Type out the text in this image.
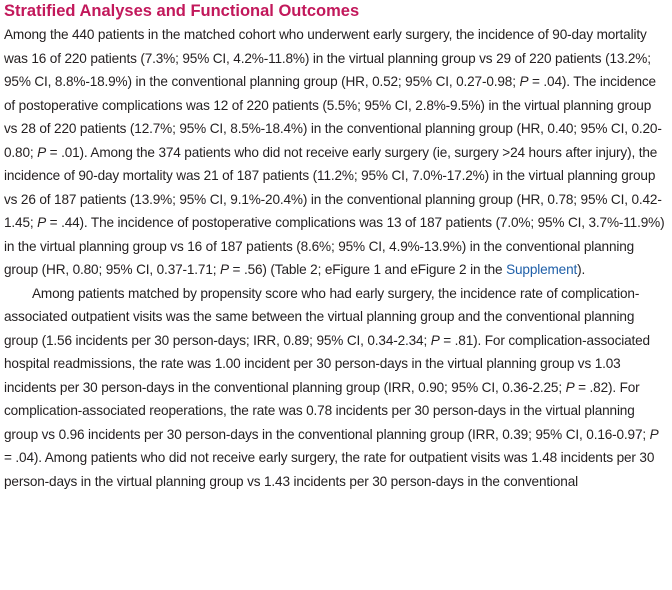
Stratified Analyses and Functional Outcomes

Among the 440 patients in the matched cohort who underwent early surgery, the incidence of 90-day mortality was 16 of 220 patients (7.3%; 95% CI, 4.2%-11.8%) in the virtual planning group vs 29 of 220 patients (13.2%; 95% CI, 8.8%-18.9%) in the conventional planning group (HR, 0.52; 95% CI, 0.27-0.98; P = .04). The incidence of postoperative complications was 12 of 220 patients (5.5%; 95% CI, 2.8%-9.5%) in the virtual planning group vs 28 of 220 patients (12.7%; 95% CI, 8.5%-18.4%) in the conventional planning group (HR, 0.40; 95% CI, 0.20-0.80; P = .01). Among the 374 patients who did not receive early surgery (ie, surgery >24 hours after injury), the incidence of 90-day mortality was 21 of 187 patients (11.2%; 95% CI, 7.0%-17.2%) in the virtual planning group vs 26 of 187 patients (13.9%; 95% CI, 9.1%-20.4%) in the conventional planning group (HR, 0.78; 95% CI, 0.42-1.45; P = .44). The incidence of postoperative complications was 13 of 187 patients (7.0%; 95% CI, 3.7%-11.9%) in the virtual planning group vs 16 of 187 patients (8.6%; 95% CI, 4.9%-13.9%) in the conventional planning group (HR, 0.80; 95% CI, 0.37-1.71; P = .56) (Table 2; eFigure 1 and eFigure 2 in the Supplement).

Among patients matched by propensity score who had early surgery, the incidence rate of complication-associated outpatient visits was the same between the virtual planning group and the conventional planning group (1.56 incidents per 30 person-days; IRR, 0.89; 95% CI, 0.34-2.34; P = .81). For complication-associated hospital readmissions, the rate was 1.00 incident per 30 person-days in the virtual planning group vs 1.03 incidents per 30 person-days in the conventional planning group (IRR, 0.90; 95% CI, 0.36-2.25; P = .82). For complication-associated reoperations, the rate was 0.78 incidents per 30 person-days in the virtual planning group vs 0.96 incidents per 30 person-days in the conventional planning group (IRR, 0.39; 95% CI, 0.16-0.97; P = .04). Among patients who did not receive early surgery, the rate for outpatient visits was 1.48 incidents per 30 person-days in the virtual planning group vs 1.43 incidents per 30 person-days in the conventional
